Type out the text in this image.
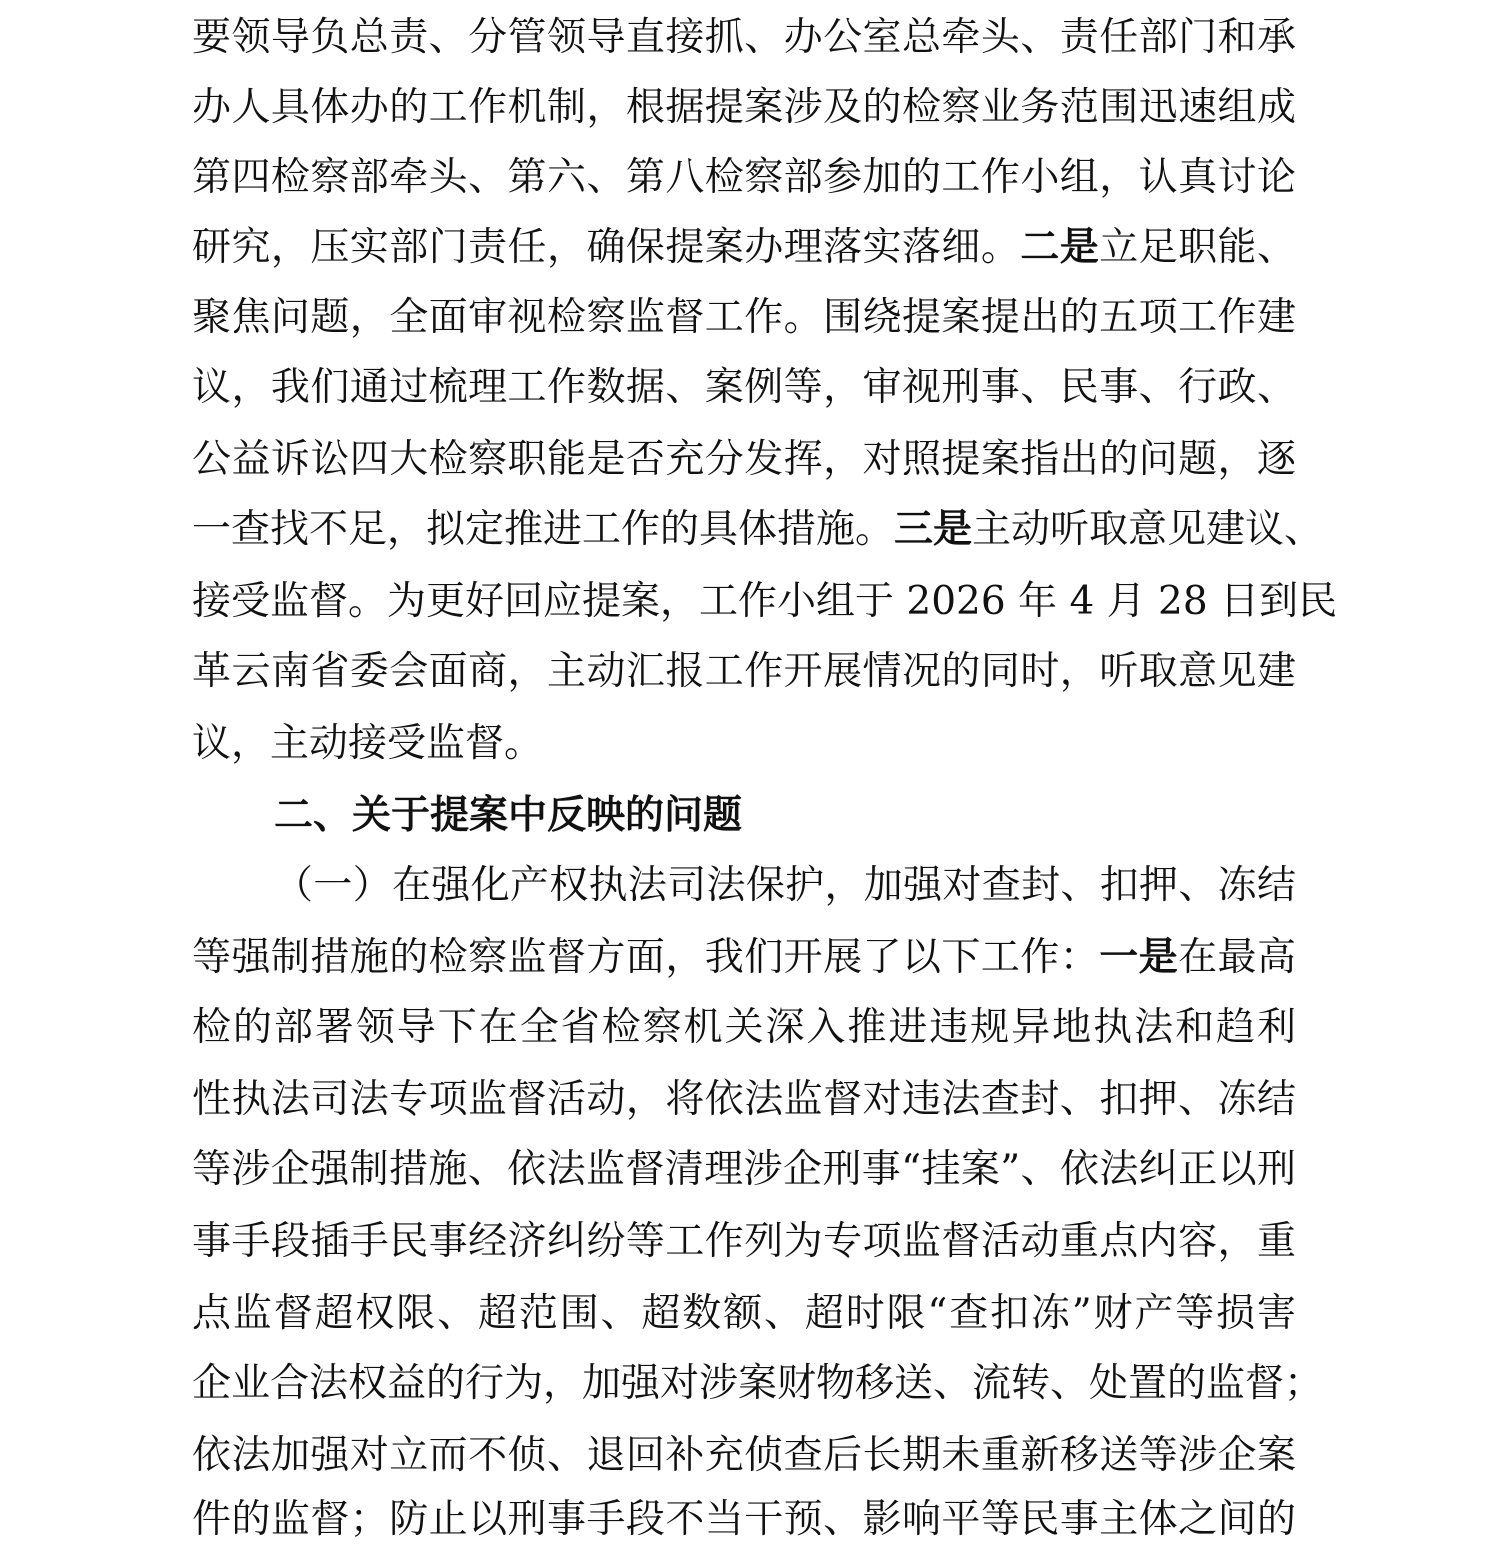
要领导负总责、分管领导直接抓、办公室总牵头、责任部门和承
办人具体办的工作机制，根据提案涉及的检察业务范围迅速组成
第四检察部牵头、第六、第八检察部参加的工作小组，认真讨论
研究，压实部门责任，确保提案办理落实落细。二是立足职能、
聚焦问题，全面审视检察监督工作。围绕提案提出的五项工作建
议，我们通过梳理工作数据、案例等，审视刑事、民事、行政、
公益诉讼四大检察职能是否充分发挥，对照提案指出的问题，逐
一查找不足，拟定推进工作的具体措施。三是主动听取意见建议、
接受监督。为更好回应提案，工作小组于 2026 年 4 月 28 日到民
革云南省委会面商，主动汇报工作开展情况的同时，听取意见建
议，主动接受监督。
二、关于提案中反映的问题
（一）在强化产权执法司法保护，加强对查封、扣押、冻结
等强制措施的检察监督方面，我们开展了以下工作：一是在最高
检的部署领导下在全省检察机关深入推进违规异地执法和趋利
性执法司法专项监督活动，将依法监督对违法查封、扣押、冻结
等涉企强制措施、依法监督清理涉企刑事“挂案”、依法纠正以刑
事手段插手民事经济纠纷等工作列为专项监督活动重点内容，重
点监督超权限、超范围、超数额、超时限“查扣冻”财产等损害
企业合法权益的行为，加强对涉案财物移送、流转、处置的监督；
依法加强对立而不侦、退回补充侦查后长期未重新移送等涉企案
件的监督；防止以刑事手段不当干预、影响平等民事主体之间的
